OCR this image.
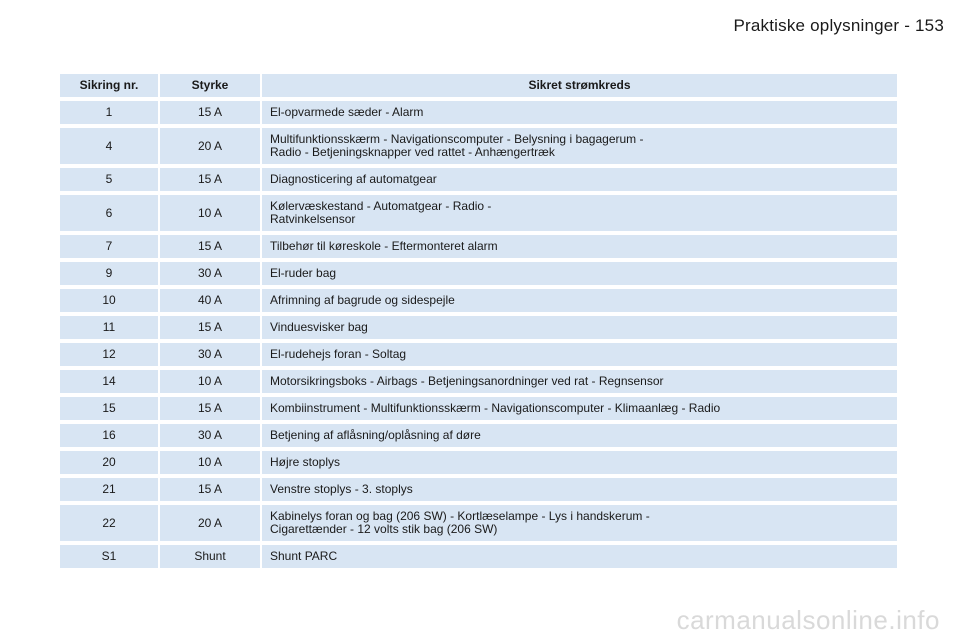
Praktiske oplysninger - 153
Sikring nr.	Styrke	Sikret strømkreds
1	15 A	El-opvarmede sæder - Alarm

4	20 A	Multifunktionsskærm - Navigationscomputer - Belysning i bagagerum -
Radio - Betjeningsknapper ved rattet - Anhængertræk

5	15 A	Diagnosticering af automatgear

6	10 A	Kølervæskestand - Automatgear - Radio -
Ratvinkelsensor

7	15 A	Tilbehør til køreskole - Eftermonteret alarm

9	30 A	El-ruder bag

10	40 A	Afrimning af bagrude og sidespejle

11	15 A	Vinduesvisker bag

12	30 A	El-rudehejs foran - Soltag

14	10 A	Motorsikringsboks - Airbags - Betjeningsanordninger ved rat - Regnsensor

15	15 A	Kombiinstrument - Multifunktionsskærm - Navigationscomputer - Klimaanlæg - Radio

16	30 A	Betjening af aflåsning/oplåsning af døre

20	10 A	Højre stoplys

21	15 A	Venstre stoplys - 3. stoplys

22	20 A	Kabinelys foran og bag (206 SW) - Kortlæselampe - Lys i handskerum -
Cigarettænder - 12 volts stik bag (206 SW)

S1	Shunt	Shunt PARC
carmanualsonline.info
